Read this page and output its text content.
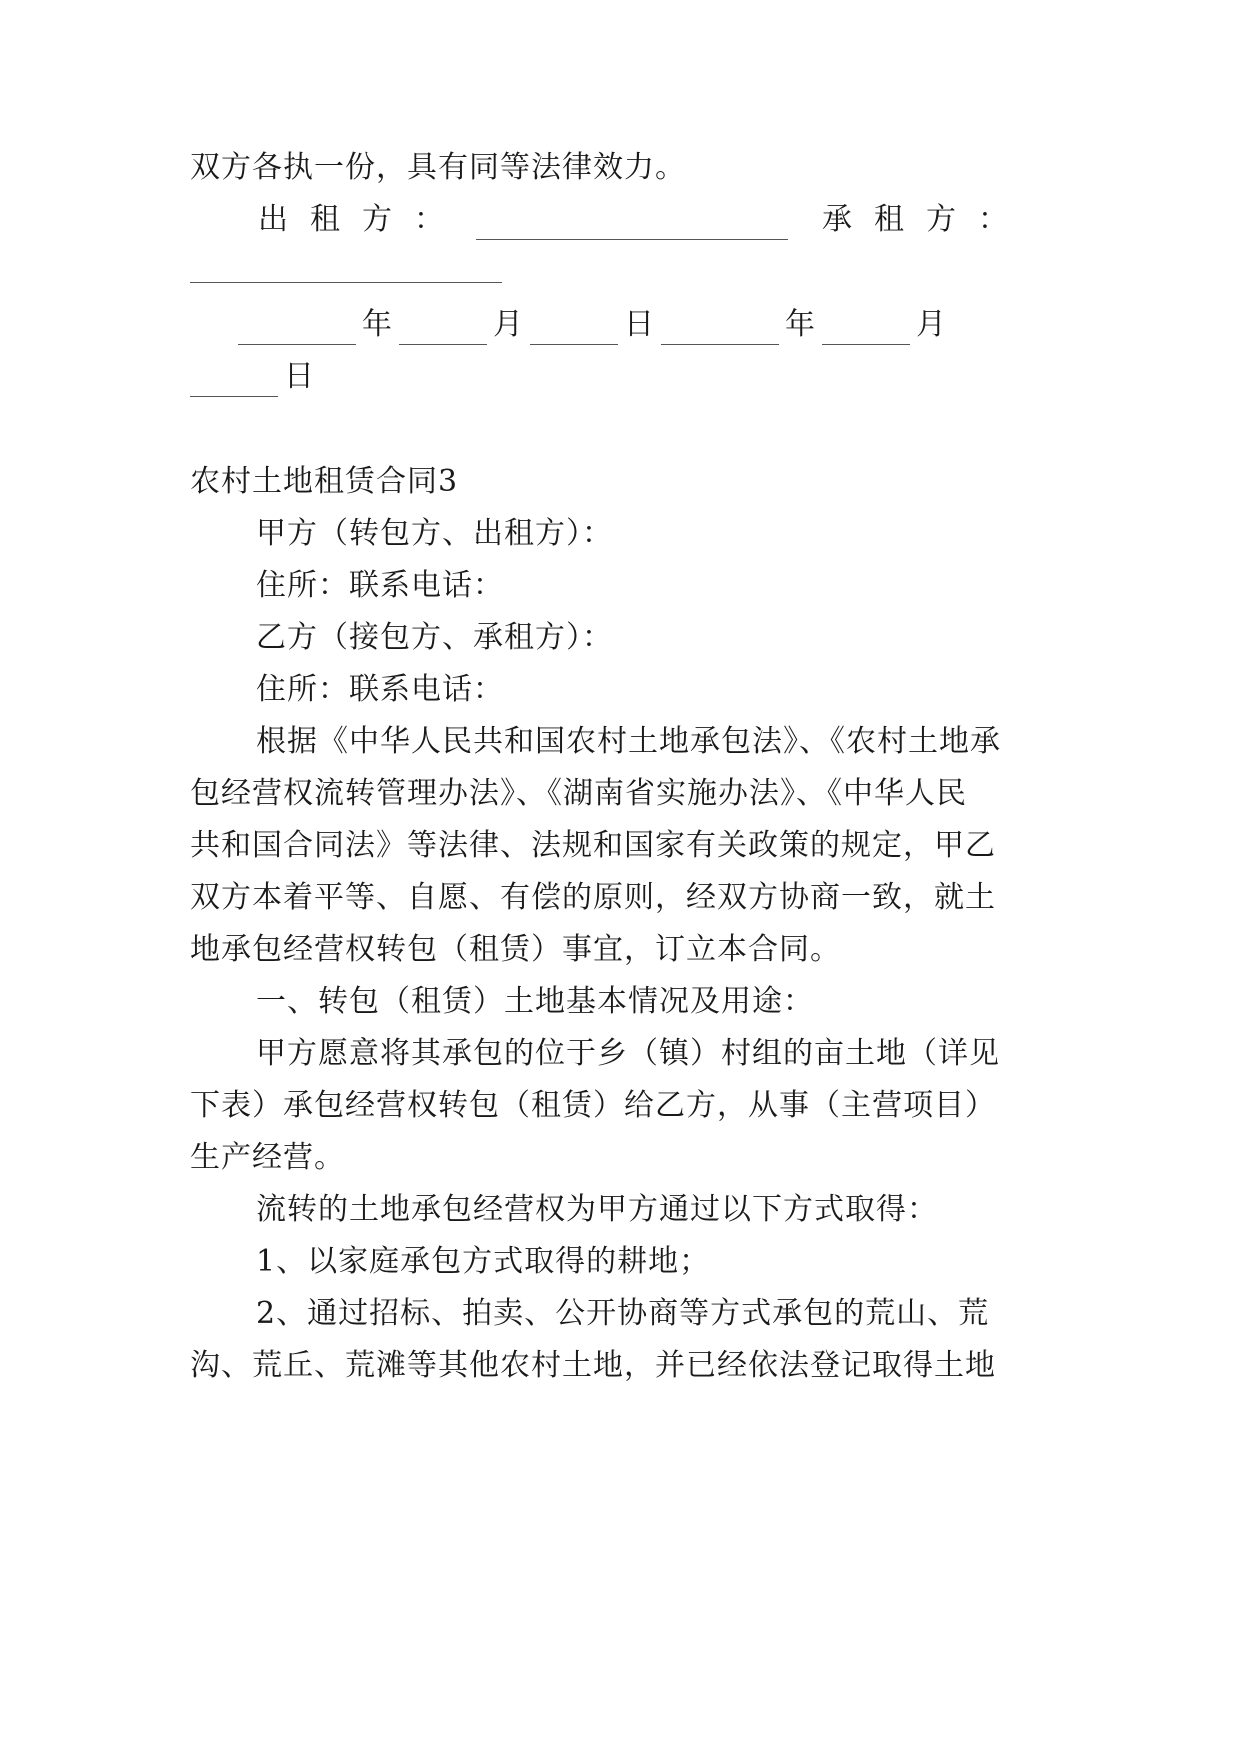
双方各执一份，具有同等法律效力。
出租方：	承租方：
年	月	日	年	月
日
农村土地租赁合同3
甲方（转包方、出租方）：
住所：联系电话：
乙方（接包方、承租方）：
住所：联系电话：
根据《中华人民共和国农村土地承包法》、《农村土地承
包经营权流转管理办法》、《湖南省实施办法》、《中华人民
共和国合同法》等法律、法规和国家有关政策的规定，甲乙
双方本着平等、自愿、有偿的原则，经双方协商一致，就土
地承包经营权转包（租赁）事宜，订立本合同。
一、转包（租赁）土地基本情况及用途：
甲方愿意将其承包的位于乡（镇）村组的亩土地（详见
下表）承包经营权转包（租赁）给乙方，从事（主营项目）
生产经营。
流转的土地承包经营权为甲方通过以下方式取得：
1、以家庭承包方式取得的耕地；
2、通过招标、拍卖、公开协商等方式承包的荒山、荒
沟、荒丘、荒滩等其他农村土地，并已经依法登记取得土地
